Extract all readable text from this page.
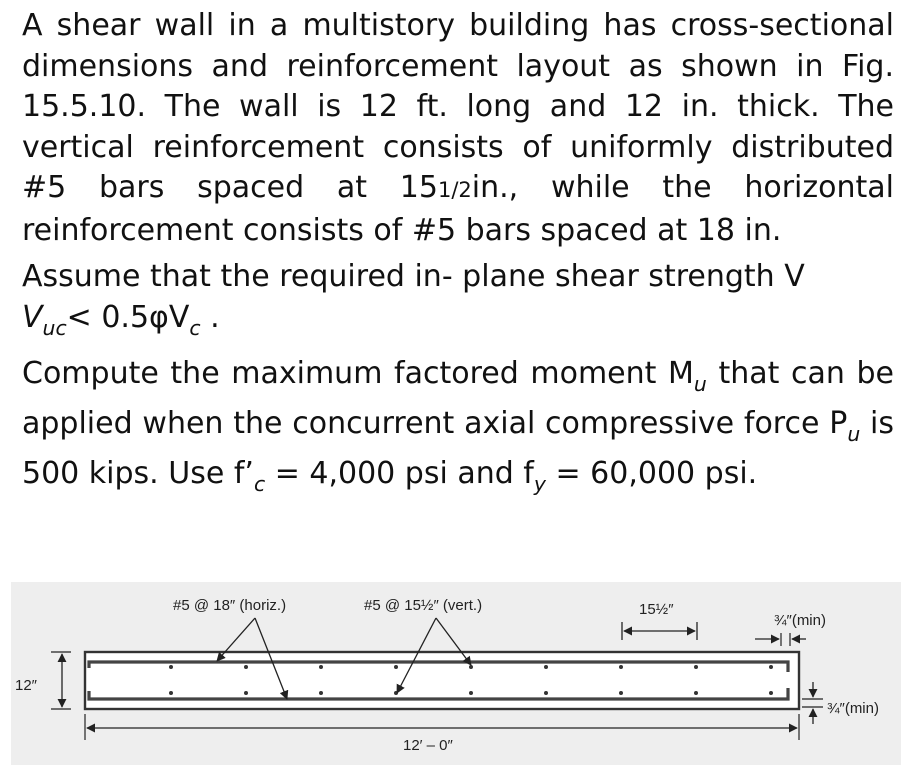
A shear wall in a multistory building has cross-sectional dimensions and reinforcement layout as shown in Fig. 15.5.10. The wall is 12 ft. long and 12 in. thick. The vertical reinforcement consists of uniformly distributed #5 bars spaced at 151/2in., while the horizontal reinforcement consists of #5 bars spaced at 18 in.

Assume that the required in- plane shear strength V
$V_{uc}< 0.5\varphi V_c$ .

Compute the maximum factored moment $M_u$ that can be applied when the concurrent axial compressive force $P_u$ is 500 kips. Use $f’_c = 4,000$ psi and $f_y = 60,000$ psi.

#5 @ 18″ (horiz.)	#5 @ 15½″ (vert.)	15½″
¾″(min)
¾″(min)
12″
12′ – 0″
